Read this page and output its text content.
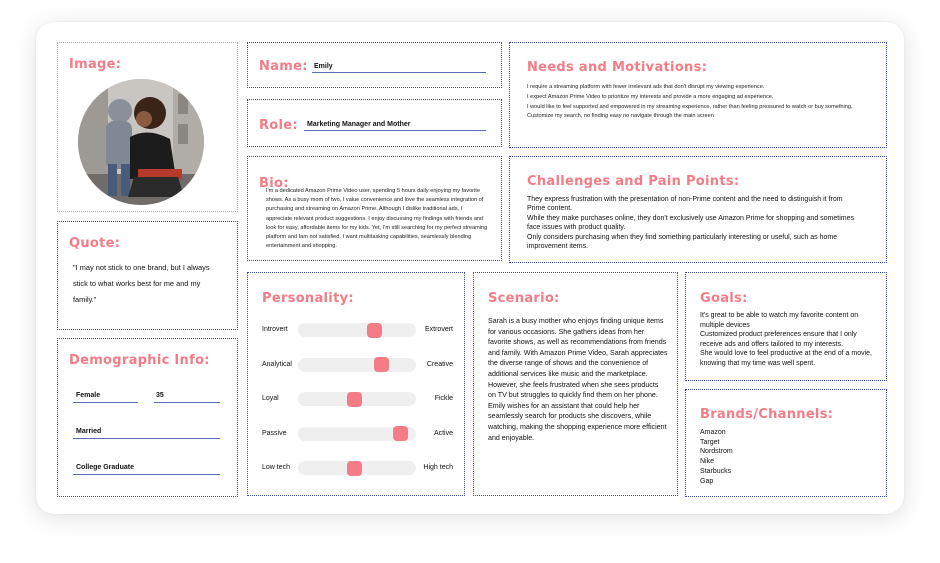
Image:
Quote:
"I may not stick to one brand, but I always stick to what works best for me and my family."
Demographic Info:
Female	35
Married
College Graduate
Name: Emily
Role: Marketing Manager and Mother
Bio:
I'm a dedicated Amazon Prime Video user, spending 5 hours daily enjoying my favorite shows. As a busy mom of two, I value convenience and love the seamless integration of purchasing and streaming on Amazon Prime. Although I dislike traditional ads, I appreciate relevant product suggestions. I enjoy discussing my findings with friends and look for easy, affordable items for my kids. Yet, I'm still searching for my perfect streaming platform and Iam not satisfied. I want multitasking capabilities, seamlessly blending entertainment and shopping.
Needs and Motivations:
I require a streaming platform with fewer irrelevant ads that don't disrupt my viewing experience.
I expect Amazon Prime Video to prioritize my interests and provide a more engaging ad experience.
I would like to feel supported and empowered in my streaming experience, rather than feeling pressured to watch or buy something.
Customize my search, no finding easy no navigate through the main screen
Challenges and Pain Points:
They express frustration with the presentation of non-Prime content and the need to distinguish it from Prime content.
While they make purchases online, they don't exclusively use Amazon Prime for shopping and sometimes face issues with product quality.
Only considers purchasing when they find something particularly interesting or useful, such as home improvement items.
Personality:
Introvert	Extrovert
Analytical	Creative
Loyal	Fickle
Passive	Active
Low tech	High tech
Scenario:
Sarah is a busy mother who enjoys finding unique items for various occasions. She gathers ideas from her favorite shows, as well as recommendations from friends and family. With Amazon Prime Video, Sarah appreciates the diverse range of shows and the convenience of additional services like music and the marketplace. However, she feels frustrated when she sees products on TV but struggles to quickly find them on her phone. Emily wishes for an assistant that could help her seamlessly search for products she discovers, while watching, making the shopping experience more efficient and enjoyable.
Goals:
It's great to be able to watch my favorite content on multiple devices
Customized product preferences ensure that I only receive ads and offers tailored to my interests.
She would love to feel productive at the end of a movie, knowing that my time was well spent.
Brands/Channels:
Amazon
Target
Nordstrom
Nike
Starbucks
Gap
